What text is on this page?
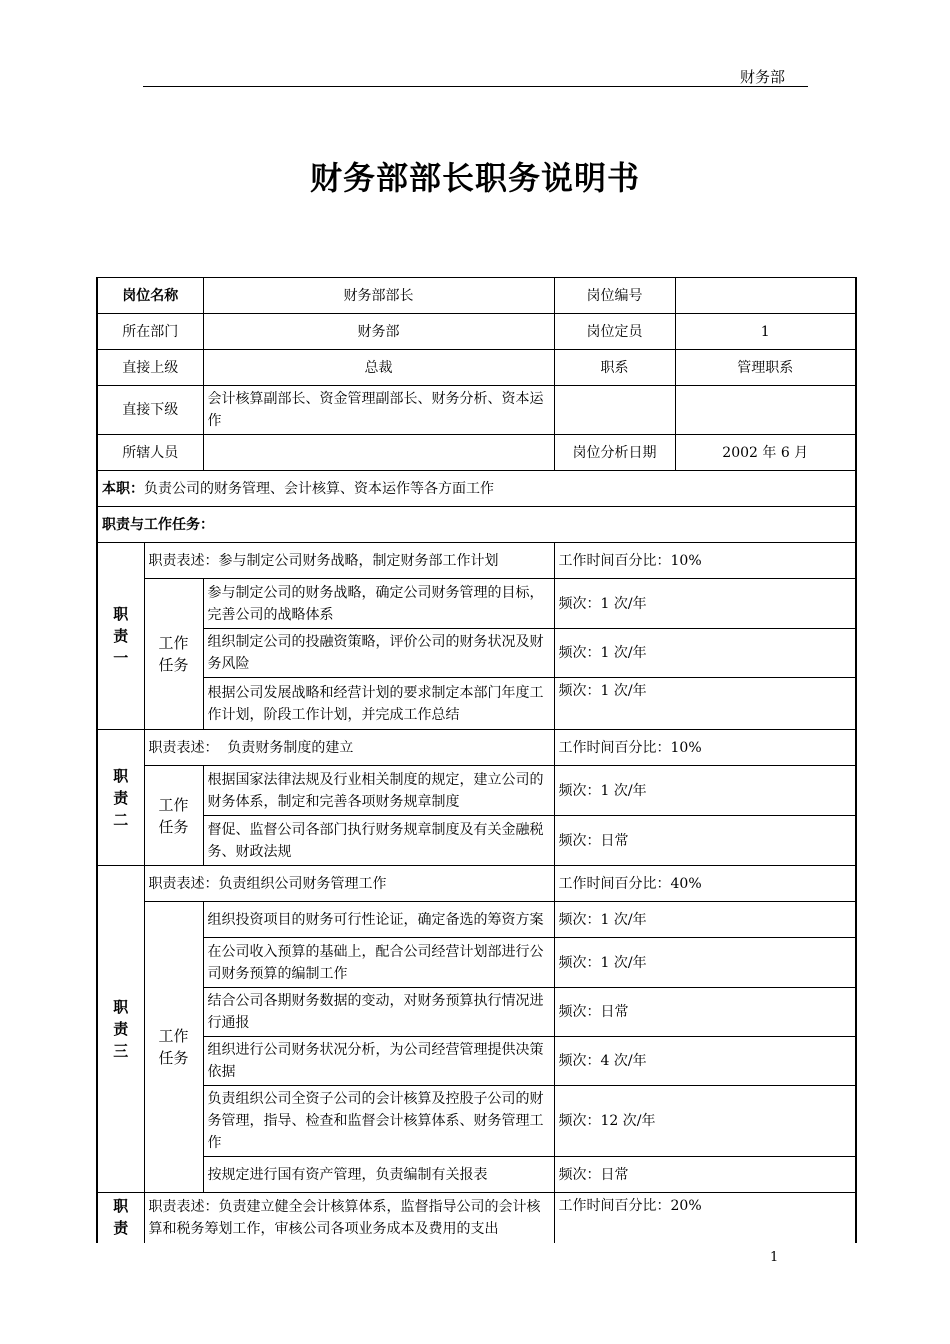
财务部
财务部部长职务说明书
岗位名称		财务部部长	岗位编号	
所在部门		财务部	岗位定员	1
直接上级		总裁	职系	管理职系
直接下级		会计核算副部长、资金管理副部长、财务分析、资本运作		
所辖人员			岗位分析日期	2002 年 6 月
本职：负责公司的财务管理、会计核算、资本运作等各方面工作				
职责与工作任务：				
职责一	职责表述：参与制定公司财务战略，制定财务部工作计划		工作时间百分比：10%	
	工作任务	参与制定公司的财务战略，确定公司财务管理的目标，完善公司的战略体系	频次：1 次/年	
		组织制定公司的投融资策略，评价公司的财务状况及财务风险	频次：1 次/年	
		根据公司发展战略和经营计划的要求制定本部门年度工作计划，阶段工作计划，并完成工作总结	频次：1 次/年	
职责二	职责表述：  负责财务制度的建立		工作时间百分比：10%	
	工作任务	根据国家法律法规及行业相关制度的规定，建立公司的财务体系，制定和完善各项财务规章制度	频次：1 次/年	
		督促、监督公司各部门执行财务规章制度及有关金融税务、财政法规	频次：日常	
职责三	职责表述：负责组织公司财务管理工作		工作时间百分比：40%	
	工作任务	组织投资项目的财务可行性论证，确定备选的筹资方案	频次：1 次/年	
		在公司收入预算的基础上，配合公司经营计划部进行公司财务预算的编制工作	频次：1 次/年	
		结合公司各期财务数据的变动，对财务预算执行情况进行通报	频次：日常	
		组织进行公司财务状况分析，为公司经营管理提供决策依据	频次：4 次/年	
		负责组织公司全资子公司的会计核算及控股子公司的财务管理，指导、检查和监督会计核算体系、财务管理工作	频次：12 次/年	
		按规定进行国有资产管理，负责编制有关报表	频次：日常	
职责	职责表述：负责建立健全会计核算体系，监督指导公司的会计核算和税务筹划工作，审核公司各项业务成本及费用的支出		工作时间百分比：20%	
1
